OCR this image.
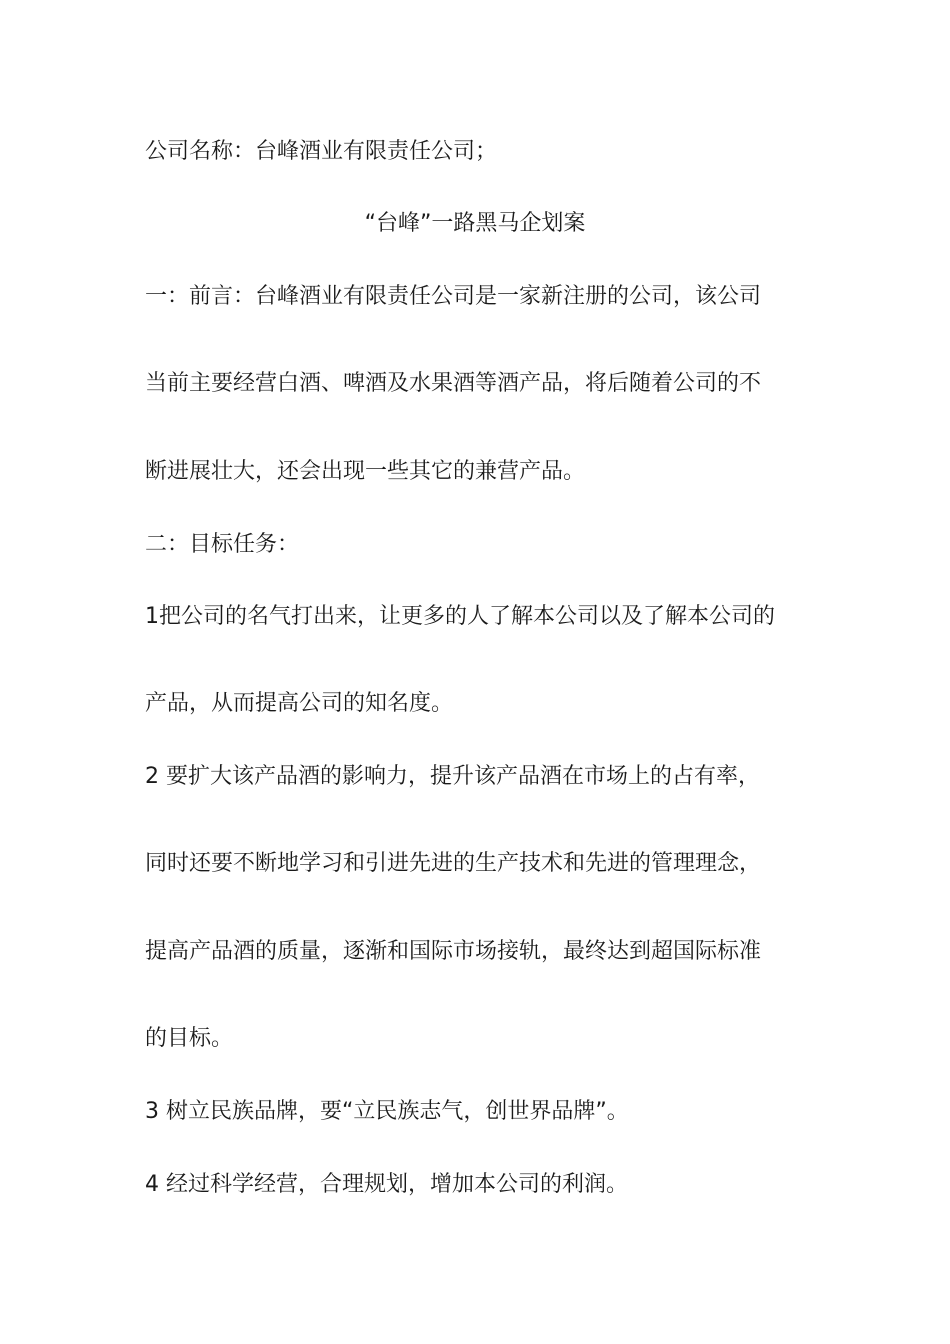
公司名称：台峰酒业有限责任公司；
“台峰”一路黑马企划案
一：前言：台峰酒业有限责任公司是一家新注册的公司，该公司
当前主要经营白酒、啤酒及水果酒等酒产品，将后随着公司的不
断进展壮大，还会出现一些其它的兼营产品。
二：目标任务：
1把公司的名气打出来，让更多的人了解本公司以及了解本公司的
产品，从而提高公司的知名度。
2 要扩大该产品酒的影响力，提升该产品酒在市场上的占有率，
同时还要不断地学习和引进先进的生产技术和先进的管理理念，
提高产品酒的质量，逐渐和国际市场接轨，最终达到超国际标准
的目标。
3 树立民族品牌，要“立民族志气，创世界品牌”。
4 经过科学经营，合理规划，增加本公司的利润。
